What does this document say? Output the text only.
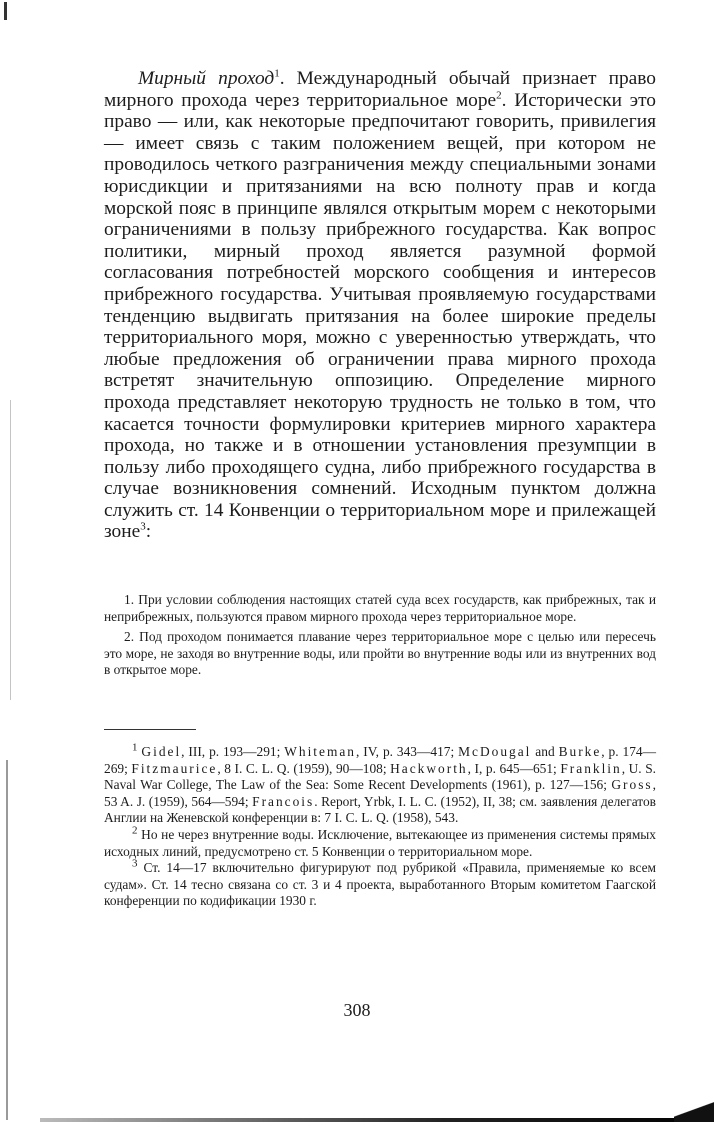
Мирный проход$^1$. Международный обычай признает право мирного прохода через территориальное море$^2$. Исторически это право — или, как некоторые предпочитают говорить, привилегия — имеет связь с таким положением вещей, при котором не проводилось четкого разграничения между специальными зонами юрисдикции и притязаниями на всю полноту прав и когда морской пояс в принципе являлся открытым морем с некоторыми ограничениями в пользу прибрежного государства. Как вопрос политики, мирный проход является разумной формой согласования потребностей морского сообщения и интересов прибрежного государства. Учитывая проявляемую государствами тенденцию выдвигать притязания на более широкие пределы территориального моря, можно с уверенностью утверждать, что любые предложения об ограничении права мирного прохода встретят значительную оппозицию. Определение мирного прохода представляет некоторую трудность не только в том, что касается точности формулировки критериев мирного характера прохода, но также и в отношении установления презумпции в пользу либо проходящего судна, либо прибрежного государства в случае возникновения сомнений. Исходным пунктом должна служить ст. 14 Конвенции о территориальном море и прилежащей зоне$^3$:

1. При условии соблюдения настоящих статей суда всех государств, как прибрежных, так и неприбрежных, пользуются правом мирного прохода через территориальное море.

2. Под проходом понимается плавание через территориальное море с целью или пересечь это море, не заходя во внутренние воды, или пройти во внутренние воды или из внутренних вод в открытое море.

$^1$ Gidel, III, p. 193—291; Whiteman, IV, p. 343—417; McDougal and Burke, p. 174—269; Fitzmaurice, 8 I. C. L. Q. (1959), 90—108; Hackworth, I, p. 645—651; Franklin, U. S. Naval War College, The Law of the Sea: Some Recent Developments (1961), p. 127—156; Gross, 53 A. J. (1959), 564—594; Francois. Report, Yrbk, I. L. C. (1952), II, 38; см. заявления делегатов Англии на Женевской конференции в: 7 I. C. L. Q. (1958), 543.

$^2$ Но не через внутренние воды. Исключение, вытекающее из применения системы прямых исходных линий, предусмотрено ст. 5 Конвенции о территориальном море.

$^3$ Ст. 14—17 включительно фигурируют под рубрикой «Правила, применяемые ко всем судам». Ст. 14 тесно связана со ст. 3 и 4 проекта, выработанного Вторым комитетом Гаагской конференции по кодификации 1930 г.

308
